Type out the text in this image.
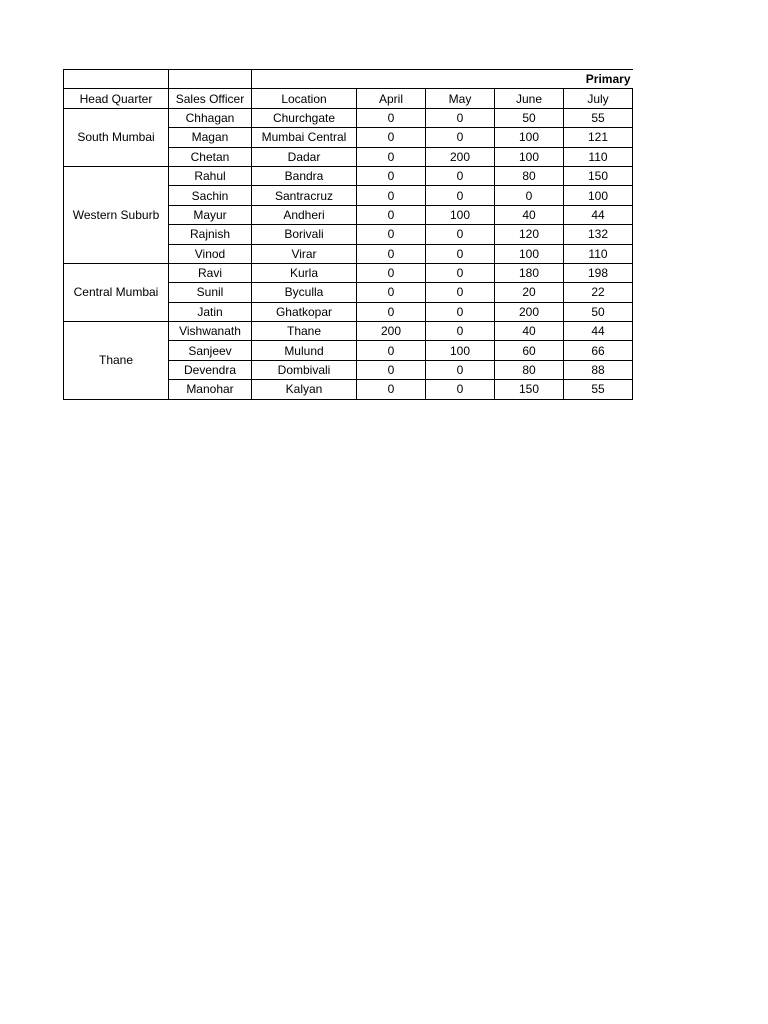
		Primary				
Head Quarter	Sales Officer	Location	April	May	June	July
South Mumbai	Chhagan	Churchgate	0	0	50	55
	Magan	Mumbai Central	0	0	100	121
	Chetan	Dadar	0	200	100	110
Western Suburb	Rahul	Bandra	0	0	80	150
	Sachin	Santracruz	0	0	0	100
	Mayur	Andheri	0	100	40	44
	Rajnish	Borivali	0	0	120	132
	Vinod	Virar	0	0	100	110
Central Mumbai	Ravi	Kurla	0	0	180	198
	Sunil	Byculla	0	0	20	22
	Jatin	Ghatkopar	0	0	200	50
Thane	Vishwanath	Thane	200	0	40	44
	Sanjeev	Mulund	0	100	60	66
	Devendra	Dombivali	0	0	80	88
	Manohar	Kalyan	0	0	150	55
